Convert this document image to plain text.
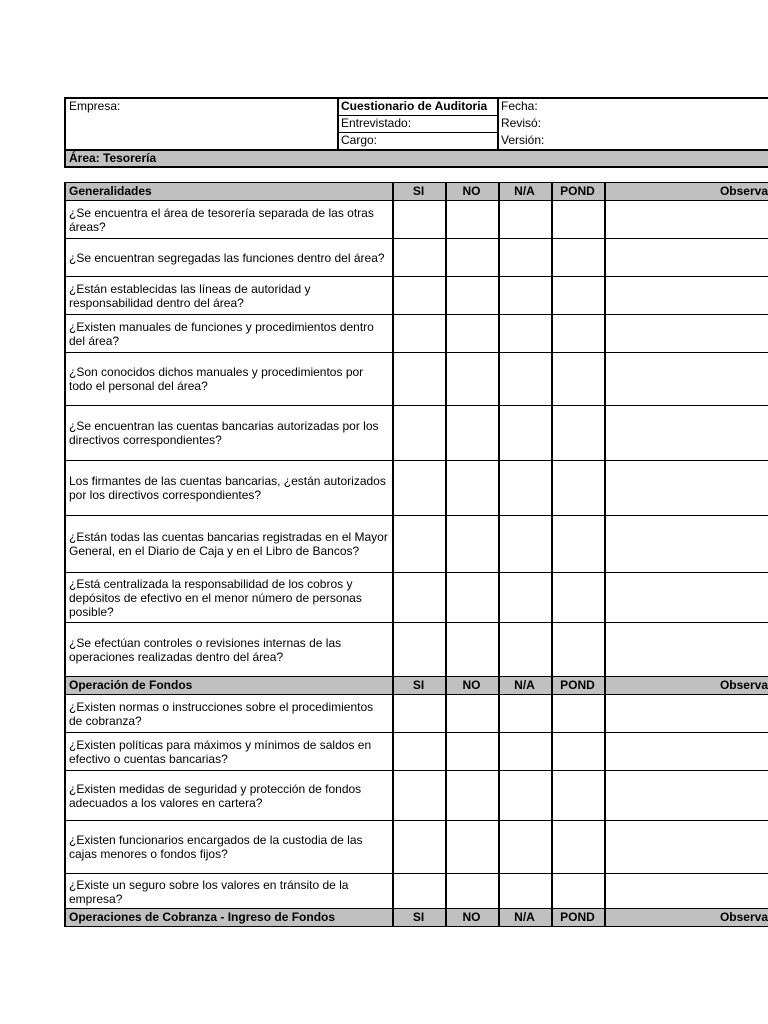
Empresa:	Cuestionario de Auditoria	Fecha:
Entrevistado:	Revisó:
Cargo:	Versión:
Área: Tesorería
Generalidades	SI	NO	N/A	POND	Observa
¿Se encuentra el área de tesorería separada de las otras áreas?
¿Se encuentran segregadas las funciones dentro del área?
¿Están establecidas las líneas de autoridad y responsabilidad dentro del área?
¿Existen manuales de funciones y procedimientos dentro del área?
¿Son conocidos dichos manuales y procedimientos por todo el personal del área?
¿Se encuentran las cuentas bancarias autorizadas por los directivos correspondientes?
Los firmantes de las cuentas bancarias, ¿están autorizados por los directivos correspondientes?
¿Están todas las cuentas bancarias registradas en el Mayor General, en el Diario de Caja y en el Libro de Bancos?
¿Está centralizada la responsabilidad de los cobros y depósitos de efectivo en el menor número de personas posible?
¿Se efectúan controles o revisiones internas de las operaciones realizadas dentro del área?
Operación de Fondos	SI	NO	N/A	POND	Observa
¿Existen normas o instrucciones sobre el procedimientos de cobranza?
¿Existen políticas para máximos y mínimos de saldos en efectivo o cuentas bancarias?
¿Existen medidas de seguridad y protección de fondos adecuados a los valores en cartera?
¿Existen funcionarios encargados de la custodia de las cajas menores o fondos fijos?
¿Existe un seguro sobre los valores en tránsito de la empresa?
Operaciones de Cobranza - Ingreso de Fondos	SI	NO	N/A	POND	Observa
